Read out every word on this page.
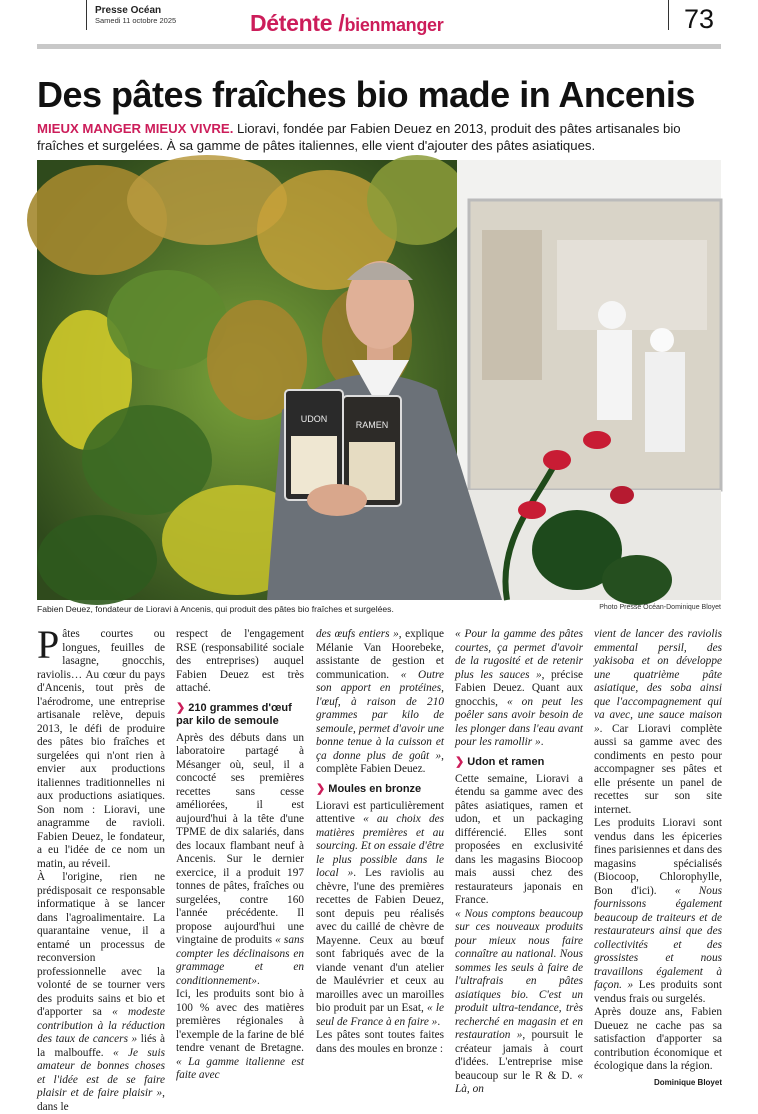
Presse Océan
Samedi 11 octobre 2025	Détente /bienmanger	73
Des pâtes fraîches bio made in Ancenis
MIEUX MANGER MIEUX VIVRE. Lioravi, fondée par Fabien Deuez en 2013, produit des pâtes artisanales bio fraîches et surgelées. À sa gamme de pâtes italiennes, elle vient d'ajouter des pâtes asiatiques.
UDON
RAMEN
Fabien Deuez, fondateur de Lioravi à Ancenis, qui produit des pâtes bio fraîches et surgelées.	Photo Presse Océan-Dominique Bloyet

Pâtes courtes ou longues, feuilles de lasagne, gnocchis, raviolis… Au cœur du pays d'Ancenis, tout près de l'aérodrome, une entreprise artisanale relève, depuis 2013, le défi de produire des pâtes bio fraîches et surgelées qui n'ont rien à envier aux productions italiennes traditionnelles ni aux productions asiatiques. Son nom : Lioravi, une anagramme de ravioli. Fabien Deuez, le fondateur, a eu l'idée de ce nom un matin, au réveil.

À l'origine, rien ne prédisposait ce responsable informatique à se lancer dans l'agroalimentaire. La quarantaine venue, il a entamé un processus de reconversion professionnelle avec la volonté de se tourner vers des produits sains et bio et d'apporter sa « modeste contribution à la réduction des taux de cancers » liés à la malbouffe. « Je suis amateur de bonnes choses et l'idée est de se faire plaisir et de faire plaisir », dans le

respect de l'engagement RSE (responsabilité sociale des entreprises) auquel Fabien Deuez est très attaché.

❯ 210 grammes d'œuf par kilo de semoule

Après des débuts dans un laboratoire partagé à Mésanger où, seul, il a concocté ses premières recettes sans cesse améliorées, il est aujourd'hui à la tête d'une TPME de dix salariés, dans des locaux flambant neuf à Ancenis. Sur le dernier exercice, il a produit 197 tonnes de pâtes, fraîches ou surgelées, contre 160 l'année précédente. Il propose aujourd'hui une vingtaine de produits « sans compter les déclinaisons en grammage et en conditionnement».

Ici, les produits sont bio à 100 % avec des matières premières régionales à l'exemple de la farine de blé tendre venant de Bretagne. « La gamme italienne est faite avec

des œufs entiers », explique Mélanie Van Hoorebeke, assistante de gestion et communication. « Outre son apport en protéines, l'œuf, à raison de 210 grammes par kilo de semoule, permet d'avoir une bonne tenue à la cuisson et ça donne plus de goût », complète Fabien Deuez.

❯ Moules en bronze

Lioravi est particulièrement attentive « au choix des matières premières et au sourcing. Et on essaie d'être le plus possible dans le local ». Les raviolis au chèvre, l'une des premières recettes de Fabien Deuez, sont depuis peu réalisés avec du caillé de chèvre de Mayenne. Ceux au bœuf sont fabriqués avec de la viande venant d'un atelier de Maulévrier et ceux au maroilles avec un maroilles bio produit par un Esat, « le seul de France à en faire ».

Les pâtes sont toutes faites dans des moules en bronze :

« Pour la gamme des pâtes courtes, ça permet d'avoir de la rugosité et de retenir plus les sauces », précise Fabien Deuez. Quant aux gnocchis, « on peut les poêler sans avoir besoin de les plonger dans l'eau avant pour les ramollir ».

❯ Udon et ramen

Cette semaine, Lioravi a étendu sa gamme avec des pâtes asiatiques, ramen et udon, et un packaging différencié. Elles sont proposées en exclusivité dans les magasins Biocoop mais aussi chez des restaurateurs japonais en France.

« Nous comptons beaucoup sur ces nouveaux produits pour mieux nous faire connaître au national. Nous sommes les seuls à faire de l'ultrafrais en pâtes asiatiques bio. C'est un produit ultra-tendance, très recherché en magasin et en restauration », poursuit le créateur jamais à court d'idées. L'entreprise mise beaucoup sur le R & D. « Là, on

vient de lancer des raviolis emmental persil, des yakisoba et on développe une quatrième pâte asiatique, des soba ainsi que l'accompagnement qui va avec, une sauce maison ». Car Lioravi complète aussi sa gamme avec des condiments en pesto pour accompagner ses pâtes et elle présente un panel de recettes sur son site internet.

Les produits Lioravi sont vendus dans les épiceries fines parisiennes et dans des magasins spécialisés (Biocoop, Chlorophylle, Bon d'ici). « Nous fournissons également beaucoup de traiteurs et de restaurateurs ainsi que des collectivités et des grossistes et nous travaillons également à façon. » Les produits sont vendus frais ou surgelés.

Après douze ans, Fabien Dueuez ne cache pas sa satisfaction d'apporter sa contribution économique et écologique dans la région.

Dominique Bloyet
